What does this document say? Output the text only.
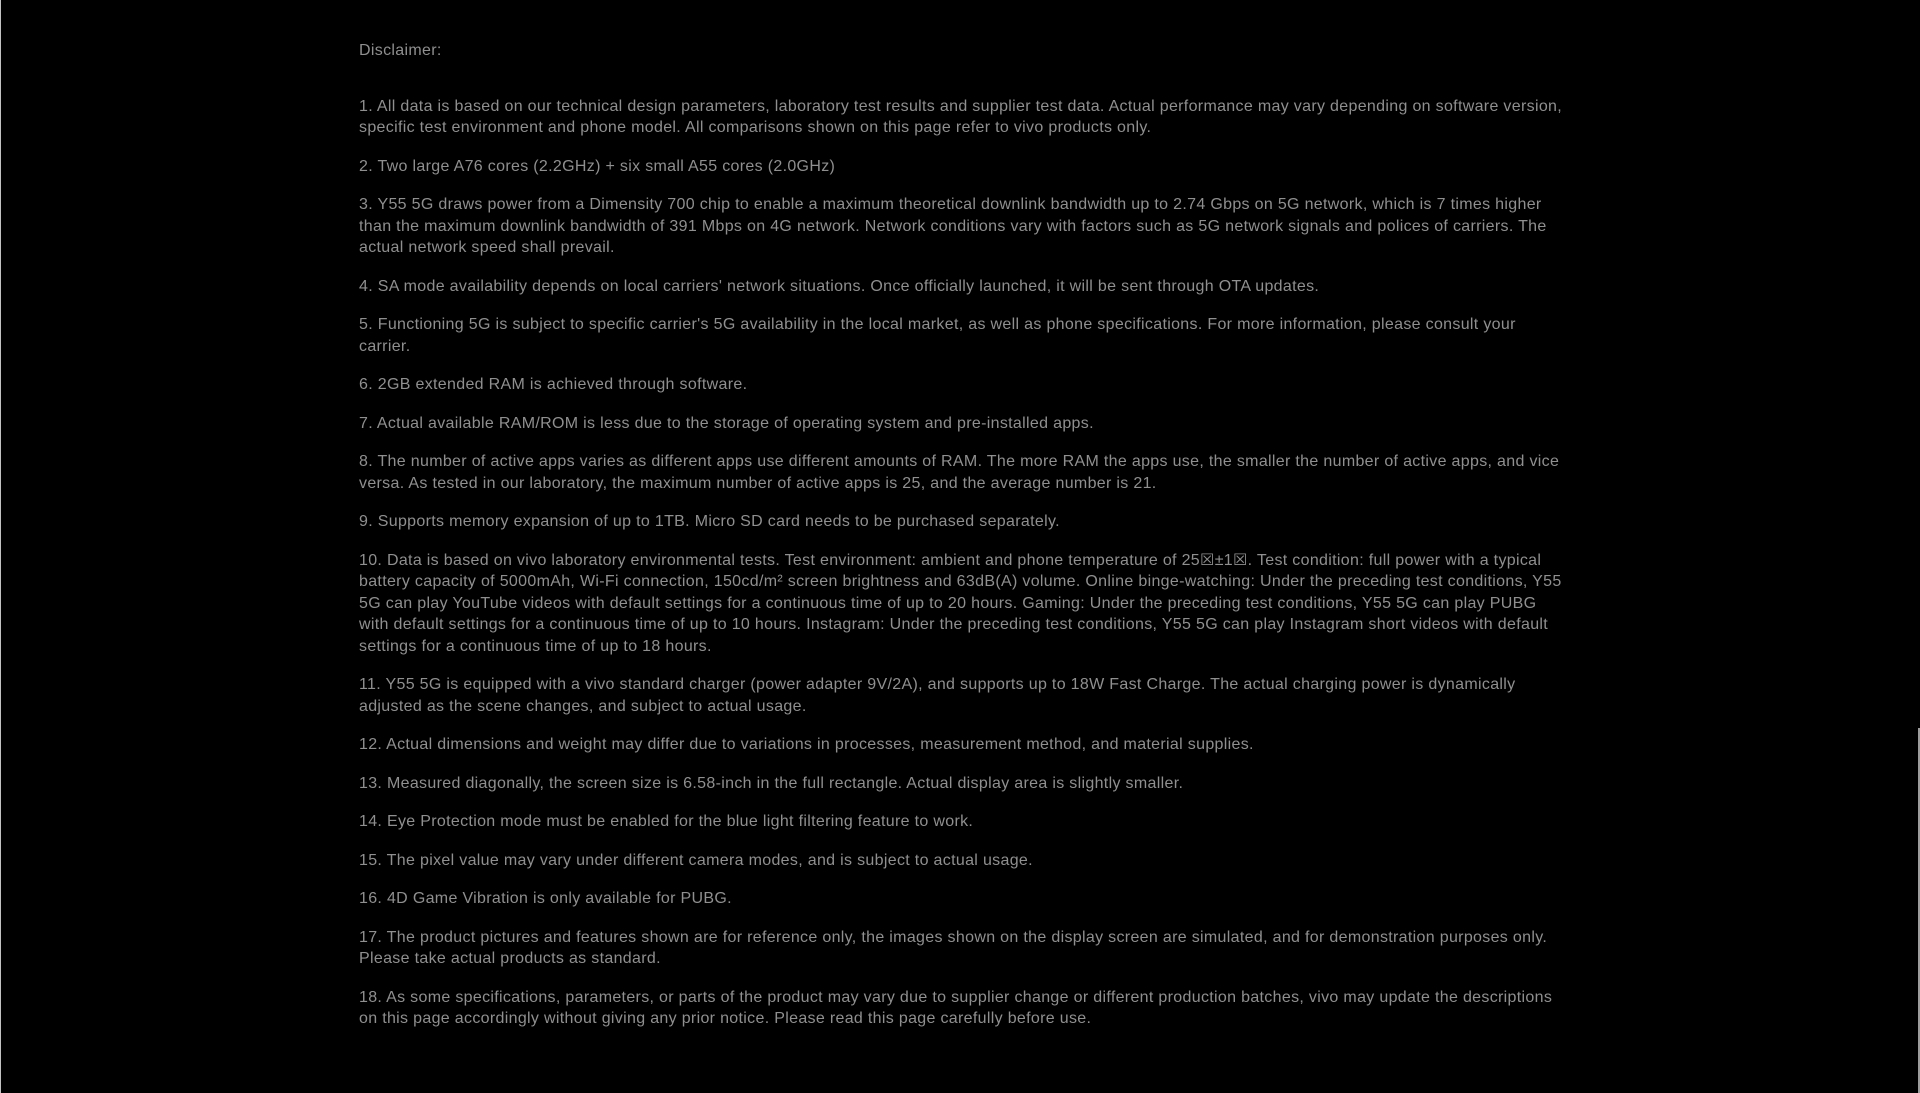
Disclaimer:

1. All data is based on our technical design parameters, laboratory test results and supplier test data. Actual performance may vary depending on software version, specific test environment and phone model. All comparisons shown on this page refer to vivo products only.

2. Two large A76 cores (2.2GHz) + six small A55 cores (2.0GHz)

3. Y55 5G draws power from a Dimensity 700 chip to enable a maximum theoretical downlink bandwidth up to 2.74 Gbps on 5G network, which is 7 times higher than the maximum downlink bandwidth of 391 Mbps on 4G network. Network conditions vary with factors such as 5G network signals and polices of carriers. The actual network speed shall prevail.

4. SA mode availability depends on local carriers' network situations. Once officially launched, it will be sent through OTA updates.

5. Functioning 5G is subject to specific carrier's 5G availability in the local market, as well as phone specifications. For more information, please consult your carrier.

6. 2GB extended RAM is achieved through software.

7. Actual available RAM/ROM is less due to the storage of operating system and pre-installed apps.

8. The number of active apps varies as different apps use different amounts of RAM. The more RAM the apps use, the smaller the number of active apps, and vice versa. As tested in our laboratory, the maximum number of active apps is 25, and the average number is 21.

9. Supports memory expansion of up to 1TB. Micro SD card needs to be purchased separately.

10. Data is based on vivo laboratory environmental tests. Test environment: ambient and phone temperature of 25☒±1☒. Test condition: full power with a typical battery capacity of 5000mAh, Wi-Fi connection, 150cd/m² screen brightness and 63dB(A) volume. Online binge-watching: Under the preceding test conditions, Y55 5G can play YouTube videos with default settings for a continuous time of up to 20 hours. Gaming: Under the preceding test conditions, Y55 5G can play PUBG with default settings for a continuous time of up to 10 hours. Instagram: Under the preceding test conditions, Y55 5G can play Instagram short videos with default settings for a continuous time of up to 18 hours.

11. Y55 5G is equipped with a vivo standard charger (power adapter 9V/2A), and supports up to 18W Fast Charge. The actual charging power is dynamically adjusted as the scene changes, and subject to actual usage.

12. Actual dimensions and weight may differ due to variations in processes, measurement method, and material supplies.

13. Measured diagonally, the screen size is 6.58-inch in the full rectangle. Actual display area is slightly smaller.

14. Eye Protection mode must be enabled for the blue light filtering feature to work.

15. The pixel value may vary under different camera modes, and is subject to actual usage.

16. 4D Game Vibration is only available for PUBG.

17. The product pictures and features shown are for reference only, the images shown on the display screen are simulated, and for demonstration purposes only. Please take actual products as standard.

18. As some specifications, parameters, or parts of the product may vary due to supplier change or different production batches, vivo may update the descriptions on this page accordingly without giving any prior notice. Please read this page carefully before use.
